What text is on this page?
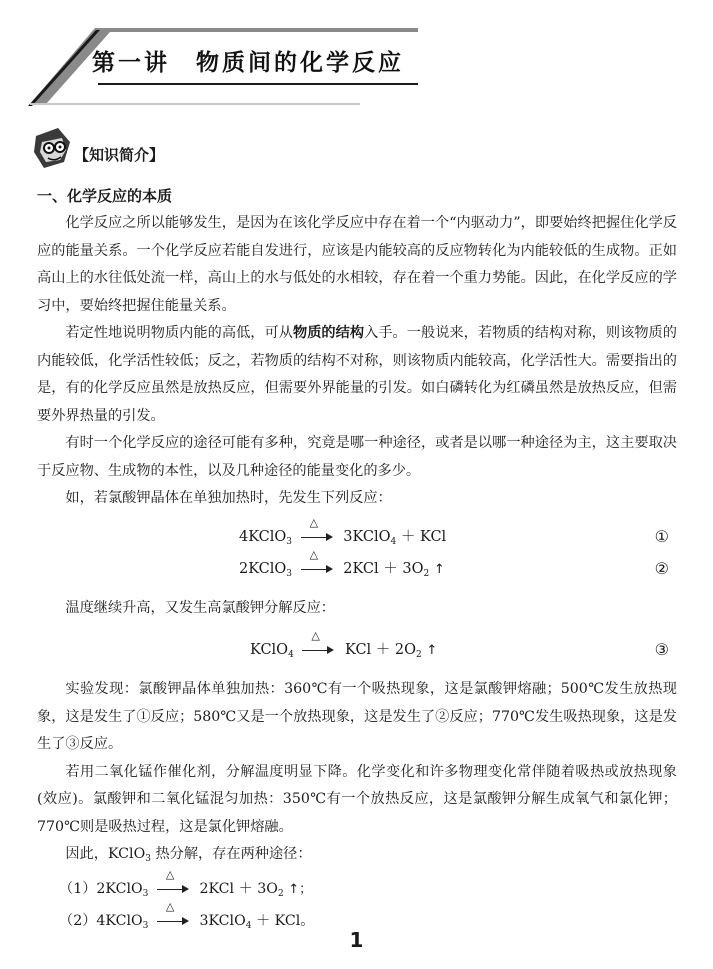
第一讲　物质间的化学反应
【知识简介】
一、化学反应的本质

化学反应之所以能够发生，是因为在该化学反应中存在着一个“内驱动力”，即要始终把握住化学反应的能量关系。一个化学反应若能自发进行，应该是内能较高的反应物转化为内能较低的生成物。正如高山上的水往低处流一样，高山上的水与低处的水相较，存在着一个重力势能。因此，在化学反应的学习中，要始终把握住能量关系。

若定性地说明物质内能的高低，可从物质的结构入手。一般说来，若物质的结构对称，则该物质的内能较低，化学活性较低；反之，若物质的结构不对称，则该物质内能较高，化学活性大。需要指出的是，有的化学反应虽然是放热反应，但需要外界能量的引发。如白磷转化为红磷虽然是放热反应，但需要外界热量的引发。

有时一个化学反应的途径可能有多种，究竟是哪一种途径，或者是以哪一种途径为主，这主要取决于反应物、生成物的本性，以及几种途径的能量变化的多少。

如，若氯酸钾晶体在单独加热时，先发生下列反应：

4KClO$_3$
△
3KClO$_4$ ＋ KCl	①
2KClO$_3$
△
$2KCl + 3O_2$ ↑	②

温度继续升高，又发生高氯酸钾分解反应：

KClO$_4$
△
KCl ＋ $2O_2$ ↑	③

实验发现：氯酸钾晶体单独加热：360℃有一个吸热现象，这是氯酸钾熔融；500℃发生放热现象，这是发生了①反应；580℃又是一个放热现象，这是发生了②反应；770℃发生吸热现象，这是发生了③反应。

若用二氧化锰作催化剂，分解温度明显下降。化学变化和许多物理变化常伴随着吸热或放热现象(效应)。氯酸钾和二氧化锰混匀加热：350℃有一个放热反应，这是氯酸钾分解生成氧气和氯化钾；770℃则是吸热过程，这是氯化钾熔融。

因此，KClO$_3$ 热分解，存在两种途径：

（1）2KClO$_3$
△
$2KCl + 3O_2$ ↑；
（2）4KClO$_3$
△
3KClO$_4$ ＋ KCl。
1
